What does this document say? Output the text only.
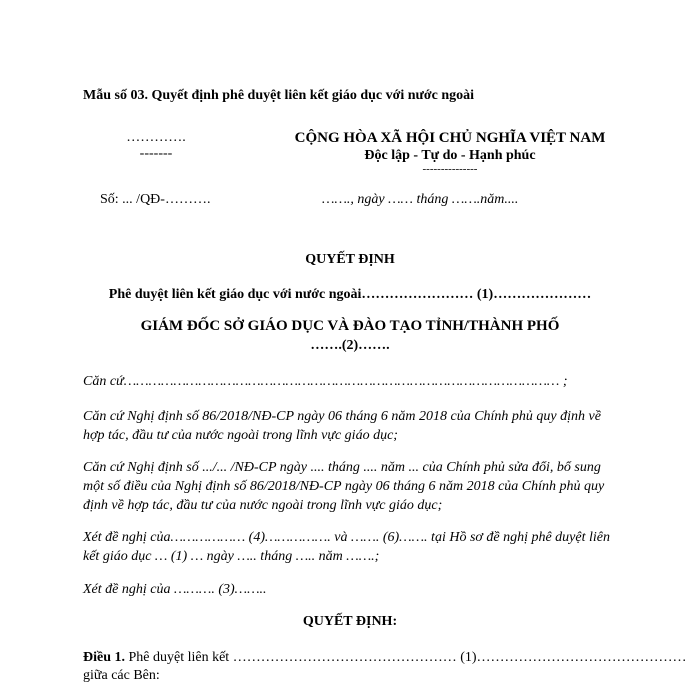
Mẫu số 03. Quyết định phê duyệt liên kết giáo dục với nước ngoài
………….
-------
CỘNG HÒA XÃ HỘI CHỦ NGHĨA VIỆT NAM
Độc lập - Tự do - Hạnh phúc
---------------
Số: ... /QĐ-……….	……., ngày …… tháng …….năm....
QUYẾT ĐỊNH
Phê duyệt liên kết giáo dục với nước ngoài…………………… (1)…………………
GIÁM ĐỐC SỞ GIÁO DỤC VÀ ĐÀO TẠO TỈNH/THÀNH PHỐ
…….(2)…….
Căn cứ…………………………………………………………………………………………… ;
Căn cứ Nghị định số 86/2018/NĐ-CP ngày 06 tháng 6 năm 2018 của Chính phủ quy định về hợp tác, đầu tư của nước ngoài trong lĩnh vực giáo dục;
Căn cứ Nghị định số .../... /NĐ-CP ngày .... tháng .... năm ... của Chính phủ sửa đổi, bổ sung một số điều của Nghị định số 86/2018/NĐ-CP ngày 06 tháng 6 năm 2018 của Chính phủ quy định về hợp tác, đầu tư của nước ngoài trong lĩnh vực giáo dục;
Xét đề nghị của……………… (4)……………. và ……. (6)……. tại Hồ sơ đề nghị phê duyệt liên kết giáo dục … (1) … ngày ….. tháng ….. năm …….;
Xét đề nghị của ………. (3)……..
QUYẾT ĐỊNH:
Điều 1. Phê duyệt liên kết ………………………………………… (1)………………………………………
giữa các Bên:
